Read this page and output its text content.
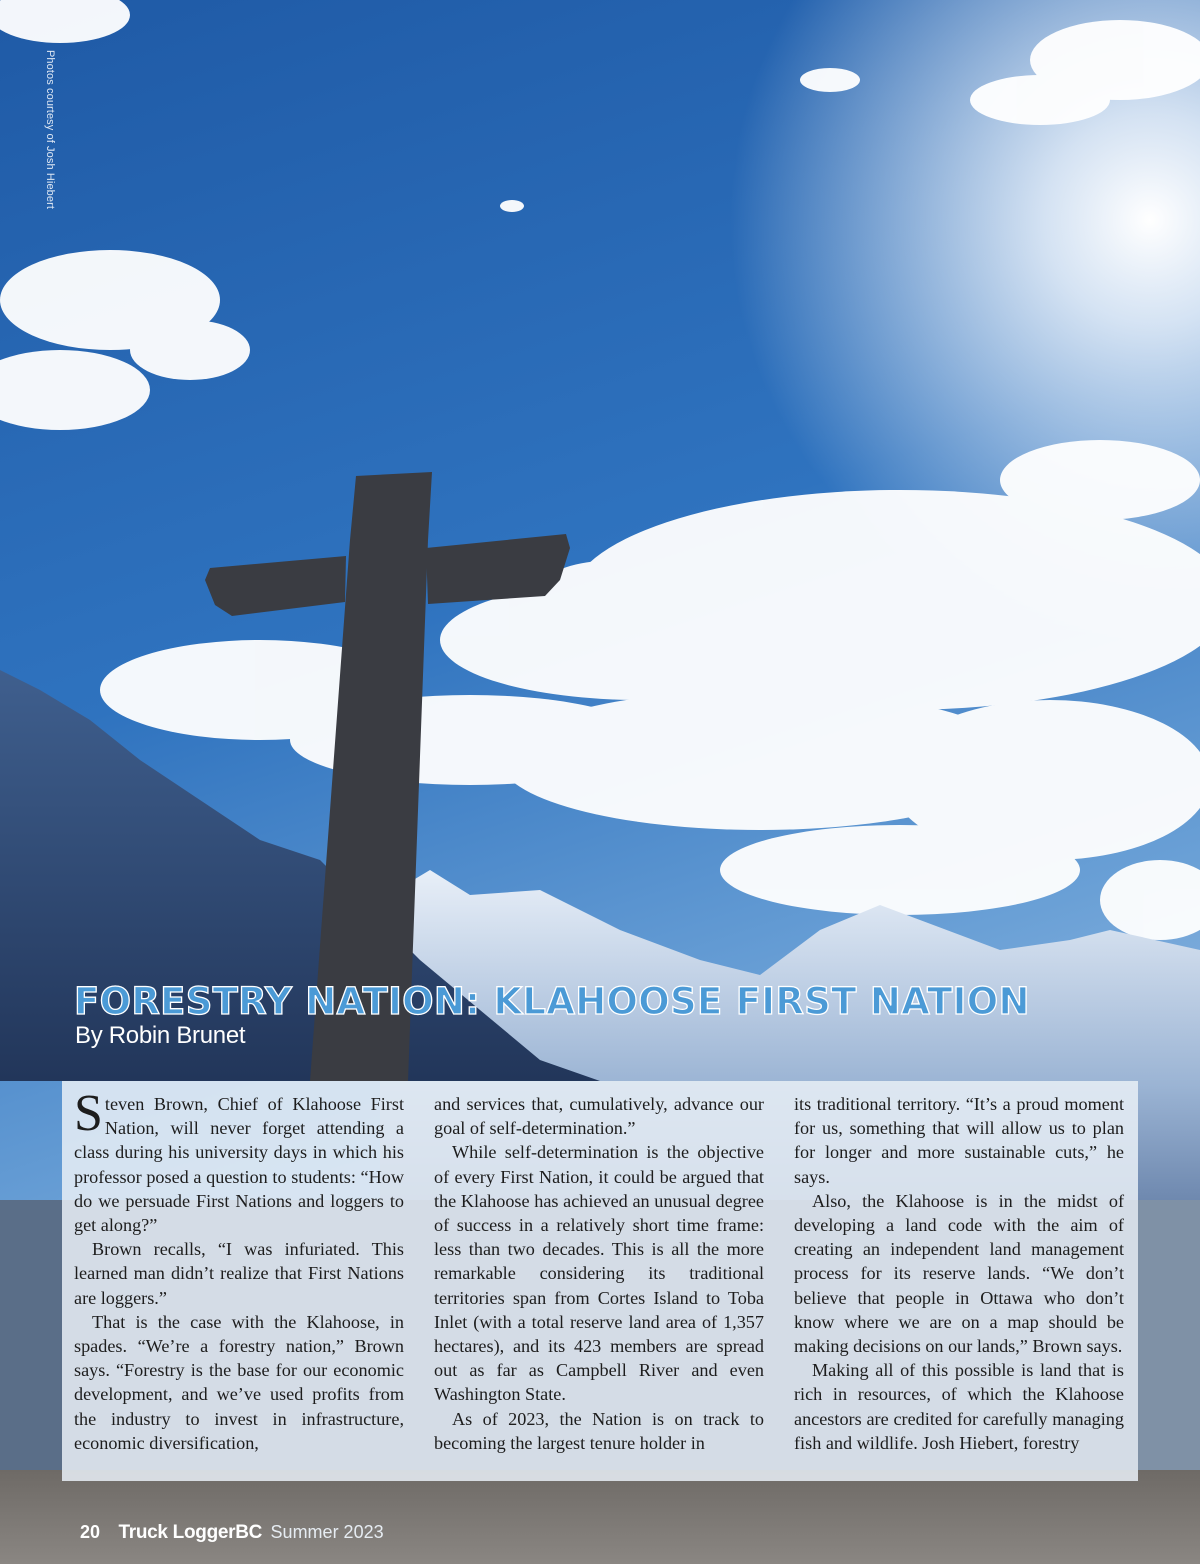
Photos courtesy of Josh Hiebert
FORESTRY NATION: KLAHOOSE FIRST NATION
By Robin Brunet

Steven Brown, Chief of Klahoose First Nation, will never forget attending a class during his university days in which his professor posed a question to students: “How do we persuade First Nations and loggers to get along?”

Brown recalls, “I was infuriated. This learned man didn’t realize that First Nations are loggers.”

That is the case with the Klahoose, in spades. “We’re a forestry nation,” Brown says. “Forestry is the base for our economic development, and we’ve used profits from the industry to invest in infrastructure, economic diversification,

and services that, cumulatively, advance our goal of self-determination.”

While self-determination is the objective of every First Nation, it could be argued that the Klahoose has achieved an unusual degree of success in a relatively short time frame: less than two decades. This is all the more remarkable considering its traditional territories span from Cortes Island to Toba Inlet (with a total reserve land area of 1,357 hectares), and its 423 members are spread out as far as Campbell River and even Washington State.

As of 2023, the Nation is on track to becoming the largest tenure holder in

its traditional territory. “It’s a proud moment for us, something that will allow us to plan for longer and more sustainable cuts,” he says.

Also, the Klahoose is in the midst of developing a land code with the aim of creating an independent land management process for its reserve lands. “We don’t believe that people in Ottawa who don’t know where we are on a map should be making decisions on our lands,” Brown says.

Making all of this possible is land that is rich in resources, of which the Klahoose ancestors are credited for carefully managing fish and wildlife. Josh Hiebert, forestry

20 Truck LoggerBC Summer 2023
